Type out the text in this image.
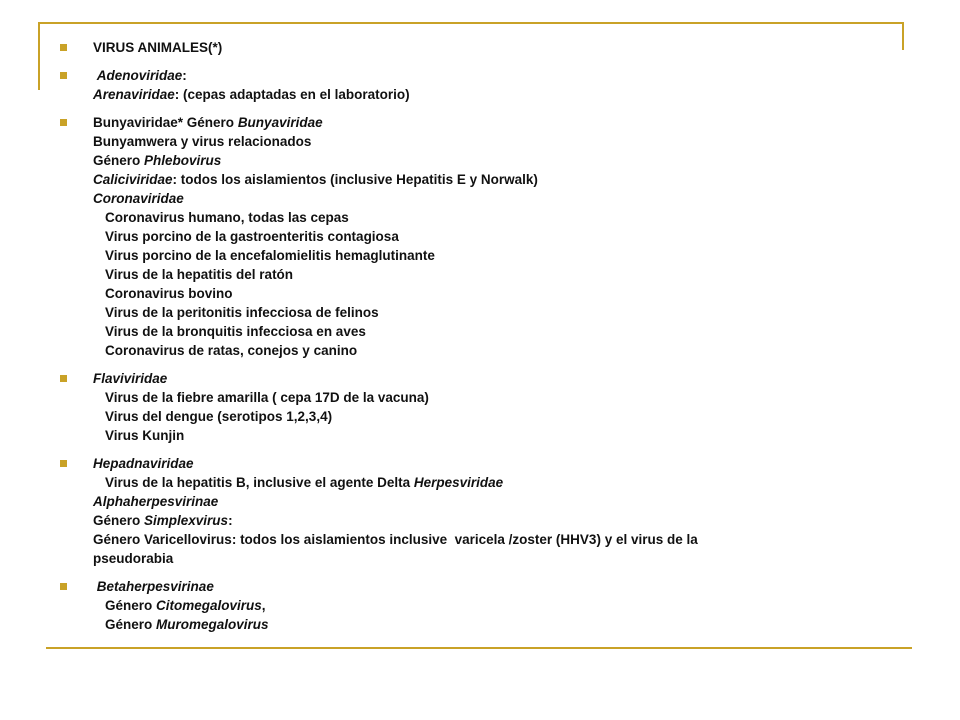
VIRUS ANIMALES(*)
Adenoviridae:
Arenaviridae: (cepas adaptadas en el laboratorio)
Bunyaviridae* Género Bunyaviridae
Bunyamwera y virus relacionados
Género Phlebovirus
Caliciviridae: todos los aislamientos (inclusive Hepatitis E y Norwalk)
Coronaviridae
Coronavirus humano, todas las cepas
Virus porcino de la gastroenteritis contagiosa
Virus porcino de la encefalomielitis hemaglutinante
Virus de la hepatitis del ratón
Coronavirus bovino
Virus de la peritonitis infecciosa de felinos
Virus de la bronquitis infecciosa en aves
Coronavirus de ratas, conejos y canino
Flaviviridae
Virus de la fiebre amarilla ( cepa 17D de la vacuna)
Virus del dengue (serotipos 1,2,3,4)
Virus Kunjin
Hepadnaviridae
Virus de la hepatitis B, inclusive el agente Delta Herpesviridae
Alphaherpesvirinae
Género Simplexvirus:
Género Varicellovirus: todos los aislamientos inclusive  varicela /zoster (HHV3) y el virus de la
pseudorabia
Betaherpesvirinae
Género Citomegalovirus,
Género Muromegalovirus
